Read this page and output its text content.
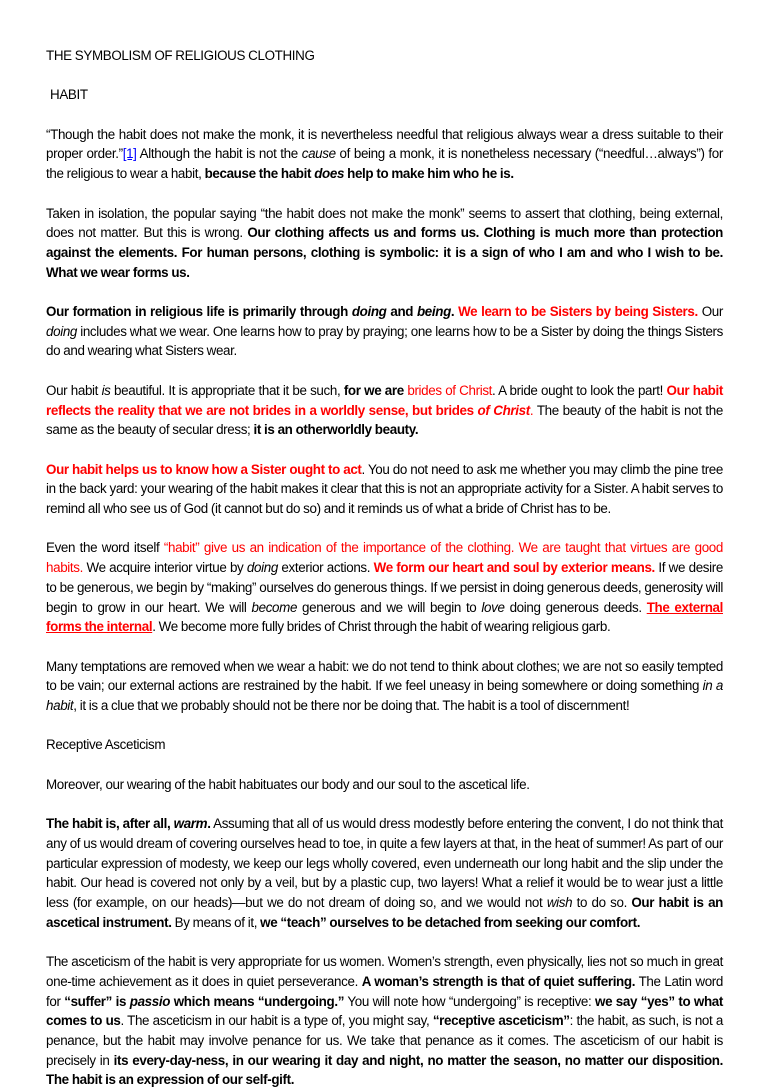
THE SYMBOLISM OF RELIGIOUS CLOTHING

HABIT

“Though the habit does not make the monk, it is nevertheless needful that religious always wear a dress suitable to their proper order.”[1] Although the habit is not the cause of being a monk, it is nonetheless necessary (“needful…always”) for the religious to wear a habit, because the habit does help to make him who he is.

Taken in isolation, the popular saying “the habit does not make the monk” seems to assert that clothing, being external, does not matter. But this is wrong. Our clothing affects us and forms us. Clothing is much more than protection against the elements. For human persons, clothing is symbolic: it is a sign of who I am and who I wish to be. What we wear forms us.

Our formation in religious life is primarily through doing and being. We learn to be Sisters by being Sisters. Our doing includes what we wear. One learns how to pray by praying; one learns how to be a Sister by doing the things Sisters do and wearing what Sisters wear.

Our habit is beautiful. It is appropriate that it be such, for we are brides of Christ. A bride ought to look the part! Our habit reflects the reality that we are not brides in a worldly sense, but brides of Christ. The beauty of the habit is not the same as the beauty of secular dress; it is an otherworldly beauty.

Our habit helps us to know how a Sister ought to act. You do not need to ask me whether you may climb the pine tree in the back yard: your wearing of the habit makes it clear that this is not an appropriate activity for a Sister. A habit serves to remind all who see us of God (it cannot but do so) and it reminds us of what a bride of Christ has to be.

Even the word itself “habit” give us an indication of the importance of the clothing. We are taught that virtues are good habits. We acquire interior virtue by doing exterior actions. We form our heart and soul by exterior means. If we desire to be generous, we begin by “making” ourselves do generous things. If we persist in doing generous deeds, generosity will begin to grow in our heart. We will become generous and we will begin to love doing generous deeds. The external forms the internal. We become more fully brides of Christ through the habit of wearing religious garb.

Many temptations are removed when we wear a habit: we do not tend to think about clothes; we are not so easily tempted to be vain; our external actions are restrained by the habit. If we feel uneasy in being somewhere or doing something in a habit, it is a clue that we probably should not be there nor be doing that. The habit is a tool of discernment!

Receptive Asceticism

Moreover, our wearing of the habit habituates our body and our soul to the ascetical life.

The habit is, after all, warm. Assuming that all of us would dress modestly before entering the convent, I do not think that any of us would dream of covering ourselves head to toe, in quite a few layers at that, in the heat of summer! As part of our particular expression of modesty, we keep our legs wholly covered, even underneath our long habit and the slip under the habit. Our head is covered not only by a veil, but by a plastic cup, two layers! What a relief it would be to wear just a little less (for example, on our heads)—but we do not dream of doing so, and we would not wish to do so. Our habit is an ascetical instrument. By means of it, we “teach” ourselves to be detached from seeking our comfort.

The asceticism of the habit is very appropriate for us women. Women’s strength, even physically, lies not so much in great one-time achievement as it does in quiet perseverance. A woman’s strength is that of quiet suffering. The Latin word for “suffer” is passio which means “undergoing.” You will note how “undergoing” is receptive: we say “yes” to what comes to us. The asceticism in our habit is a type of, you might say, “receptive asceticism”: the habit, as such, is not a penance, but the habit may involve penance for us. We take that penance as it comes. The asceticism of our habit is precisely in its every-day-ness, in our wearing it day and night, no matter the season, no matter our disposition. The habit is an expression of our self-gift.
